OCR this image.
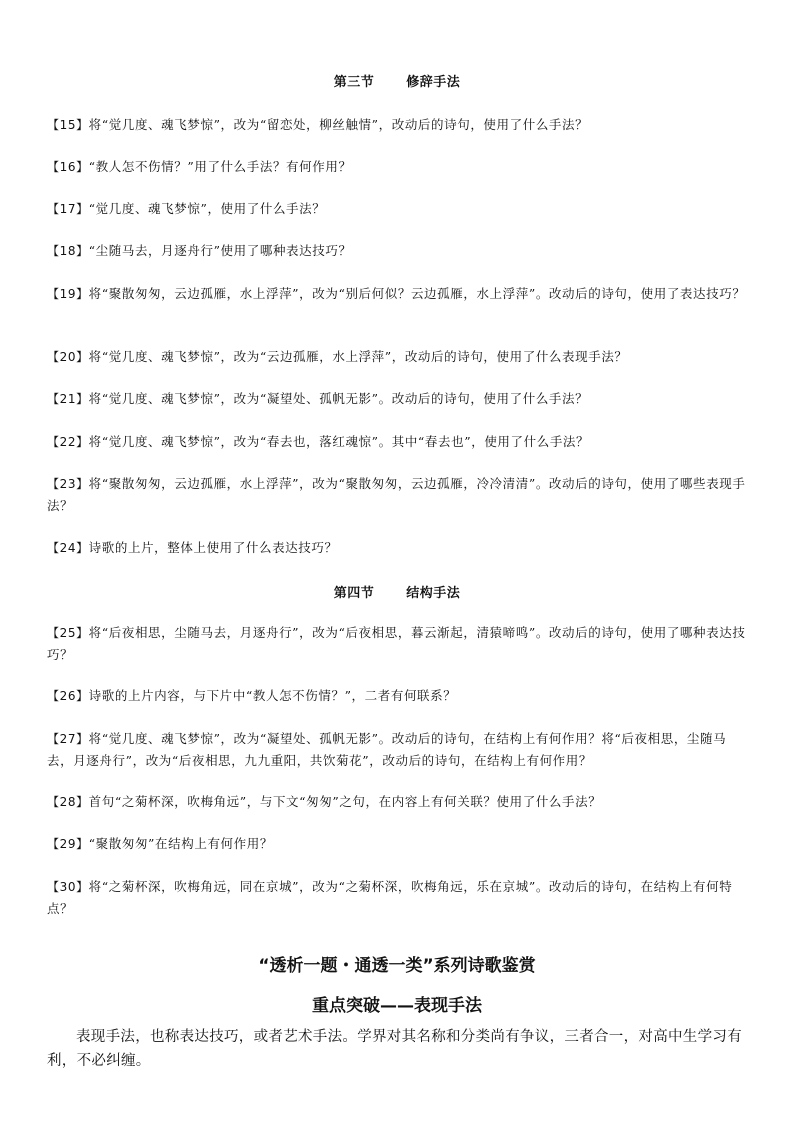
第三节 修辞手法
【15】将“觉几度、魂飞梦惊”，改为“留恋处，柳丝触情”，改动后的诗句，使用了什么手法？
【16】“教人怎不伤情？”用了什么手法？有何作用？
【17】“觉几度、魂飞梦惊”，使用了什么手法？
【18】“尘随马去，月逐舟行”使用了哪种表达技巧？
【19】将“聚散匆匆，云边孤雁，水上浮萍”，改为“别后何似？云边孤雁，水上浮萍”。改动后的诗句，使用了表达技巧？
【20】将“觉几度、魂飞梦惊”，改为“云边孤雁，水上浮萍”，改动后的诗句，使用了什么表现手法？
【21】将“觉几度、魂飞梦惊”，改为“凝望处、孤帆无影”。改动后的诗句，使用了什么手法？
【22】将“觉几度、魂飞梦惊”，改为“春去也，落红魂惊”。其中“春去也”，使用了什么手法？
【23】将“聚散匆匆，云边孤雁，水上浮萍”，改为“聚散匆匆，云边孤雁，冷冷清清”。改动后的诗句，使用了哪些表现手法？
【24】诗歌的上片，整体上使用了什么表达技巧？
第四节 结构手法
【25】将“后夜相思，尘随马去，月逐舟行”，改为“后夜相思，暮云渐起，清猿啼鸣”。改动后的诗句，使用了哪种表达技巧？
【26】诗歌的上片内容，与下片中“教人怎不伤情？”，二者有何联系？
【27】将“觉几度、魂飞梦惊”，改为“凝望处、孤帆无影”。改动后的诗句，在结构上有何作用？将“后夜相思，尘随马去，月逐舟行”，改为“后夜相思，九九重阳，共饮菊花”，改动后的诗句，在结构上有何作用？
【28】首句“之菊杯深，吹梅角远”，与下文“匆匆”之句，在内容上有何关联？使用了什么手法？
【29】“聚散匆匆”在结构上有何作用？
【30】将“之菊杯深，吹梅角远，同在京城”，改为“之菊杯深，吹梅角远，乐在京城”。改动后的诗句，在结构上有何特点？
“透析一题・通透一类”系列诗歌鉴赏
重点突破——表现手法
表现手法，也称表达技巧，或者艺术手法。学界对其名称和分类尚有争议，三者合一，对高中生学习有利，不必纠缠。
